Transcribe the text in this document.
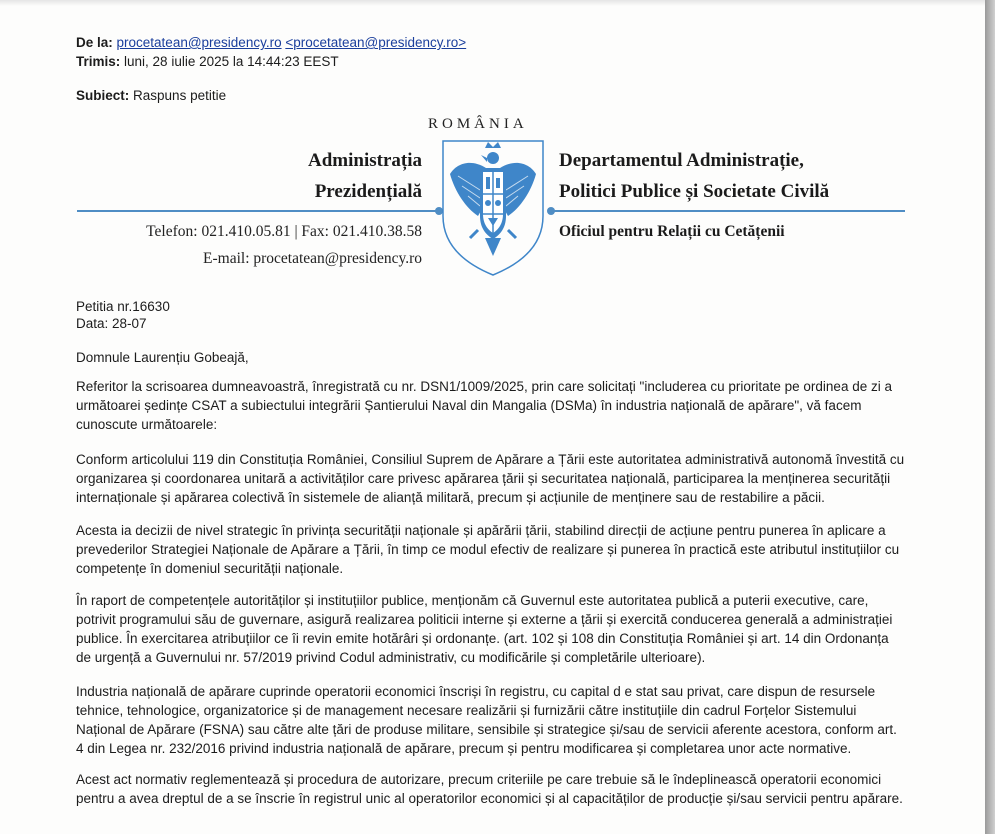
De la: procetatean@presidency.ro <procetatean@presidency.ro>
Trimis: luni, 28 iulie 2025 la 14:44:23 EEST
Subiect: Raspuns petitie
ROMÂNIA
Administrația
Prezidențială
Departamentul Administrație,
Politici Publice și Societate Civilă
Telefon: 021.410.05.81 | Fax: 021.410.38.58
E-mail: procetatean@presidency.ro
Oficiul pentru Relații cu Cetățenii
Petitia nr.16630
Data: 28-07
Domnule Laurențiu Gobeajă,
Referitor la scrisoarea dumneavoastră, înregistrată cu nr. DSN1/1009/2025, prin care solicitați "includerea cu prioritate pe ordinea de zi a următoarei ședințe CSAT a subiectului integrării Șantierului Naval din Mangalia (DSMa) în industria națională de apărare", vă facem cunoscute următoarele:
Conform articolului 119 din Constituția României, Consiliul Suprem de Apărare a Țării este autoritatea administrativă autonomă învestită cu organizarea și coordonarea unitară a activităților care privesc apărarea țării și securitatea națională, participarea la menținerea securității internaționale și apărarea colectivă în sistemele de alianță militară, precum și acțiunile de menținere sau de restabilire a păcii.
Acesta ia decizii de nivel strategic în privința securității naționale și apărării țării, stabilind direcții de acțiune pentru punerea în aplicare a prevederilor Strategiei Naționale de Apărare a Țării, în timp ce modul efectiv de realizare și punerea în practică este atributul instituțiilor cu competențe în domeniul securității naționale.
În raport de competențele autorităților și instituțiilor publice, menționăm că Guvernul este autoritatea publică a puterii executive, care, potrivit programului său de guvernare, asigură realizarea politicii interne și externe a țării și exercită conducerea generală a administrației publice. În exercitarea atribuțiilor ce îi revin emite hotărâri și ordonanțe. (art. 102 și 108 din Constituția României și art. 14 din Ordonanța de urgență a Guvernului nr. 57/2019 privind Codul administrativ, cu modificările și completările ulterioare).
Industria națională de apărare cuprinde operatorii economici înscriși în registru, cu capital d e stat sau privat, care dispun de resursele tehnice, tehnologice, organizatorice și de management necesare realizării și furnizării către instituțiile din cadrul Forțelor Sistemului Național de Apărare (FSNA) sau către alte țări de produse militare, sensibile și strategice și/sau de servicii aferente acestora, conform art. 4 din Legea nr. 232/2016 privind industria națională de apărare, precum și pentru modificarea și completarea unor acte normative.
Acest act normativ reglementează și procedura de autorizare, precum criteriile pe care trebuie să le îndeplinească operatorii economici pentru a avea dreptul de a se înscrie în registrul unic al operatorilor economici și al capacităților de producție și/sau servicii pentru apărare.
